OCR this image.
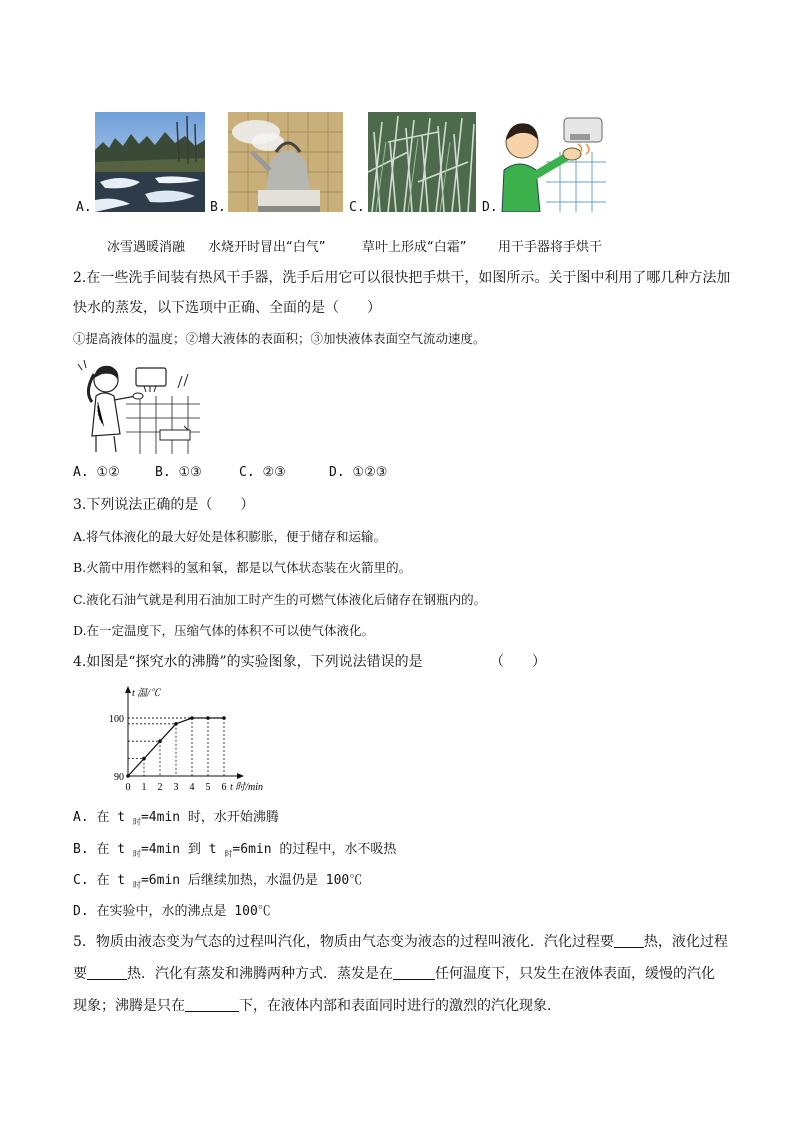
A.	B.	C.	D.
冰雪遇暖消融 水烧开时冒出“白气”	草叶上形成“白霜” 用干手器将手烘干
2.在一些洗手间装有热风干手器，洗手后用它可以很快把手烘干，如图所示。关于图中利用了哪几种方法加
快水的蒸发，以下选项中正确、全面的是（　　）
①提高液体的温度；②增大液体的表面积；③加快液体表面空气流动速度。
A. ①②	B. ①③	C. ②③	D. ①②③
3.下列说法正确的是（　　）
A.将气体液化的最大好处是体积膨胀，便于储存和运输。
B.火箭中用作燃料的氢和氧，都是以气体状态装在火箭里的。
C.液化石油气就是利用石油加工时产生的可燃气体液化后储存在钢瓶内的。
D.在一定温度下，压缩气体的体积不可以使气体液化。
4.如图是“探究水的沸腾”的实验图象，下列说法错误的是	（　　）
t 温/℃
t 时/min
0 1 2 3 4 5 6
90
100
A. 在 t $_时$=4min 时，水开始沸腾
B. 在 t $_时$=4min 到 t $_时$=6min 的过程中，水不吸热
C. 在 t $_时$=6min 后继续加热，水温仍是 100℃
D. 在实验中，水的沸点是 100℃
5．物质由液态变为气态的过程叫汽化，物质由气态变为液态的过程叫液化．汽化过程要 热，液化过程
要	热．汽化有蒸发和沸腾两种方式．蒸发是在	任何温度下，只发生在液体表面，缓慢的汽化
现象；沸腾是只在	下，在液体内部和表面同时进行的激烈的汽化现象．
